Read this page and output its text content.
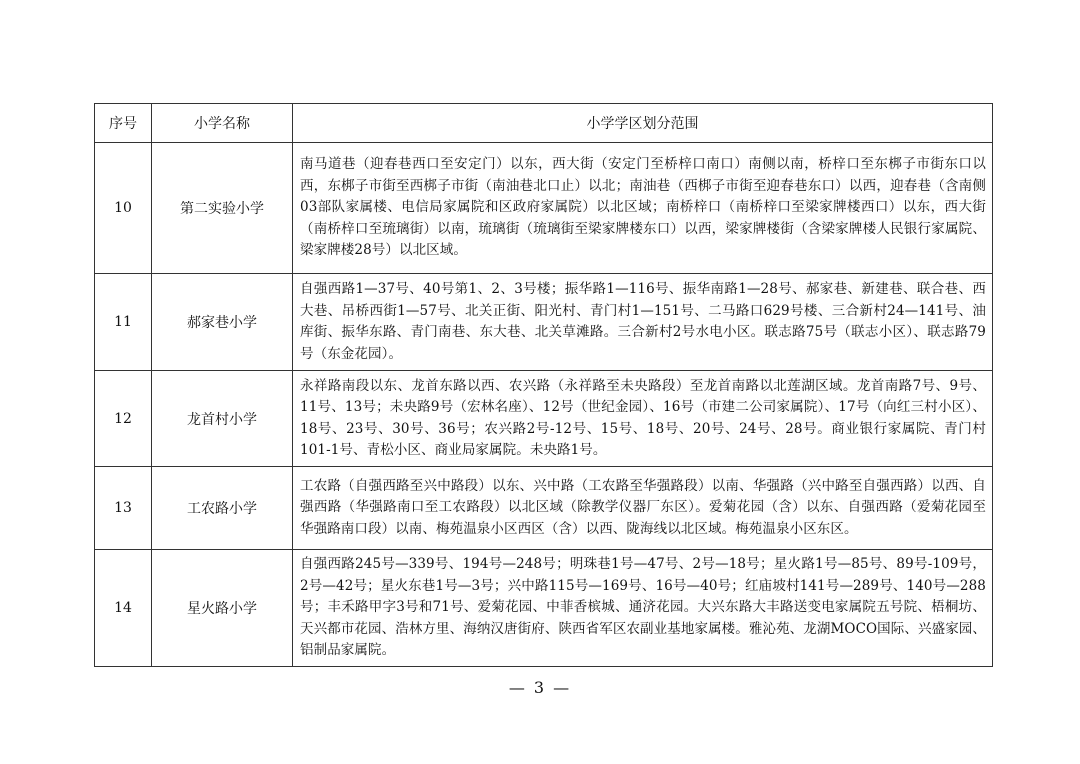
序号	小学名称	小学学区划分范围
10	第二实验小学	南马道巷（迎春巷西口至安定门）以东，西大街（安定门至桥梓口南口）南侧以南，桥梓口至东梆子市街东口以西，东梆子市街至西梆子市街（南油巷北口止）以北；南油巷（西梆子市街至迎春巷东口）以西，迎春巷（含南侧03部队家属楼、电信局家属院和区政府家属院）以北区域；南桥梓口（南桥梓口至梁家牌楼西口）以东，西大街（南桥梓口至琉璃街）以南，琉璃街（琉璃街至梁家牌楼东口）以西，梁家牌楼街（含梁家牌楼人民银行家属院、梁家牌楼28号）以北区域。
11	郝家巷小学	自强西路1—37号、40号第1、2、3号楼；振华路1—116号、振华南路1—28号、郝家巷、新建巷、联合巷、西大巷、吊桥西街1—57号、北关正街、阳光村、青门村1—151号、二马路口629号楼、三合新村24—141号、油库街、振华东路、青门南巷、东大巷、北关草滩路。三合新村2号水电小区。联志路75号（联志小区）、联志路79号（东金花园）。
12	龙首村小学	永祥路南段以东、龙首东路以西、农兴路（永祥路至未央路段）至龙首南路以北莲湖区域。龙首南路7号、9号、11号、13号；未央路9号（宏林名座）、12号（世纪金园）、16号（市建二公司家属院）、17号（向红三村小区）、18号、23号、30号、36号；农兴路2号-12号、15号、18号、20号、24号、28号。商业银行家属院、青门村101-1号、青松小区、商业局家属院。未央路1号。
13	工农路小学	工农路（自强西路至兴中路段）以东、兴中路（工农路至华强路段）以南、华强路（兴中路至自强西路）以西、自强西路（华强路南口至工农路段）以北区域（除教学仪器厂东区）。爱菊花园（含）以东、自强西路（爱菊花园至华强路南口段）以南、梅苑温泉小区西区（含）以西、陇海线以北区域。梅苑温泉小区东区。
14	星火路小学	自强西路245号—339号、194号—248号；明珠巷1号—47号、2号—18号；星火路1号—85号、89号-109号，2号—42号；星火东巷1号—3号；兴中路115号—169号、16号—40号；红庙坡村141号—289号、140号—288号；丰禾路甲字3号和71号、爱菊花园、中菲香槟城、通济花园。大兴东路大丰路送变电家属院五号院、梧桐坊、天兴都市花园、浩林方里、海纳汉唐街府、陕西省军区农副业基地家属楼。雅沁苑、龙湖MOCO国际、兴盛家园、铝制品家属院。
— 3 —
